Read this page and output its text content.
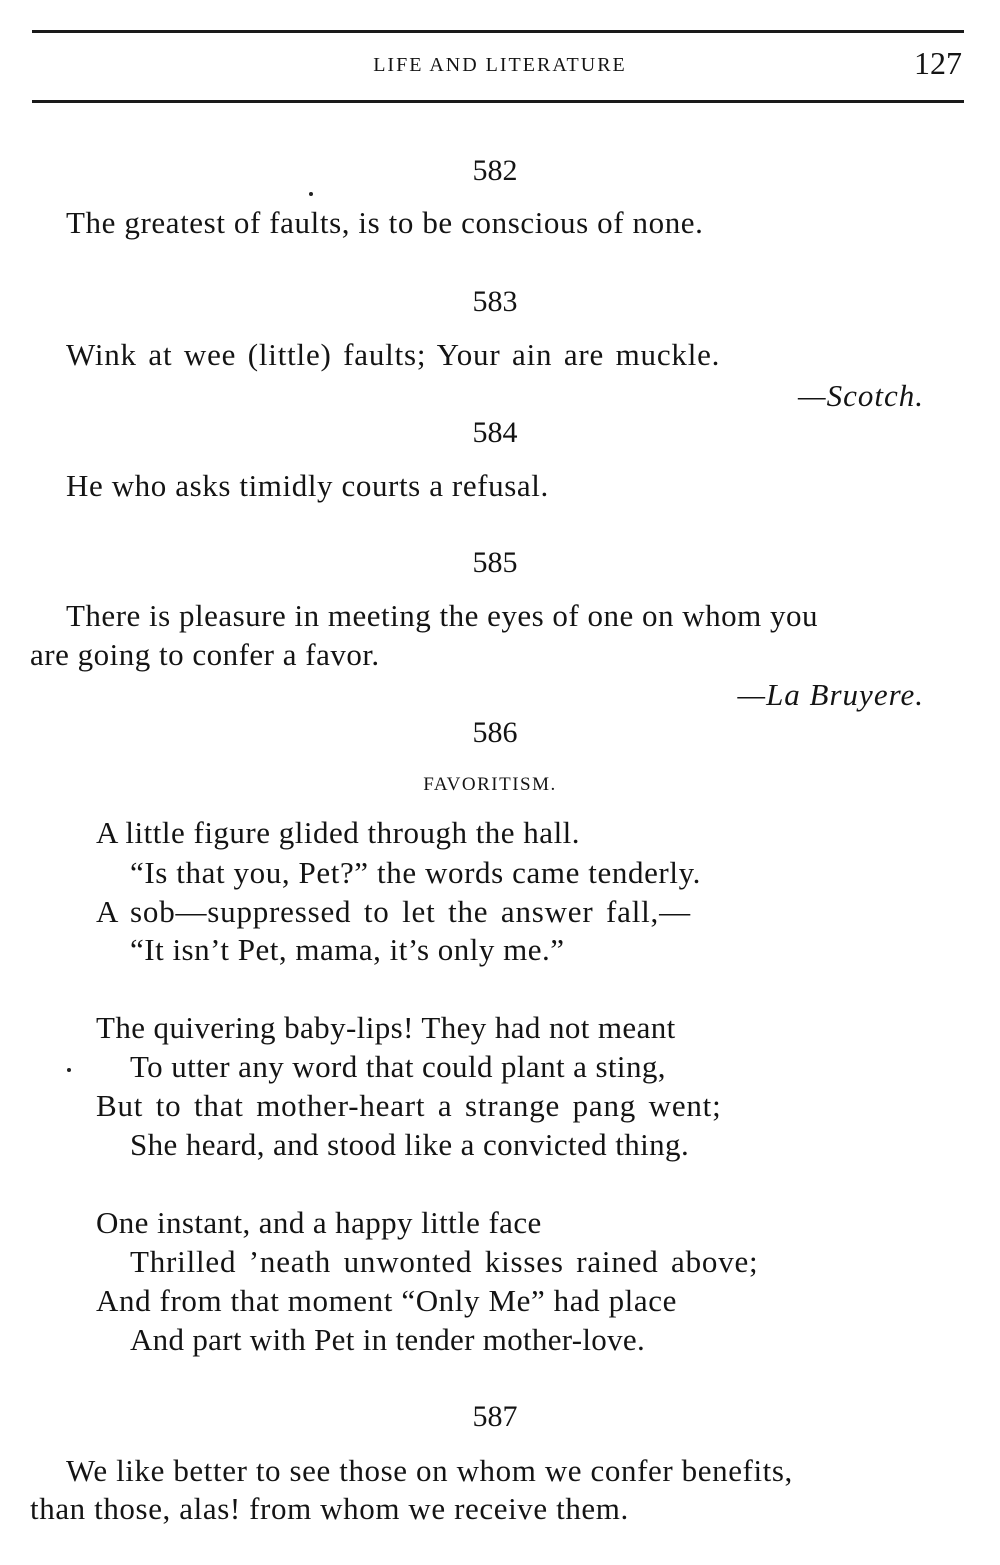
LIFE AND LITERATURE	127
582
The greatest of faults, is to be conscious of none.
583
Wink at wee (little) faults; Your ain are muckle.
—Scotch.
584
He who asks timidly courts a refusal.
585
There is pleasure in meeting the eyes of one on whom you
are going to confer a favor.
—La Bruyere.
586
FAVORITISM.
A little figure glided through the hall.
“Is that you, Pet?” the words came tenderly.
A sob—suppressed to let the answer fall,—
“It isn’t Pet, mama, it’s only me.”
The quivering baby-lips! They had not meant
To utter any word that could plant a sting,
But to that mother-heart a strange pang went;
She heard, and stood like a convicted thing.
One instant, and a happy little face
Thrilled ’neath unwonted kisses rained above;
And from that moment “Only Me” had place
And part with Pet in tender mother-love.
587
We like better to see those on whom we confer benefits,
than those, alas! from whom we receive them.
